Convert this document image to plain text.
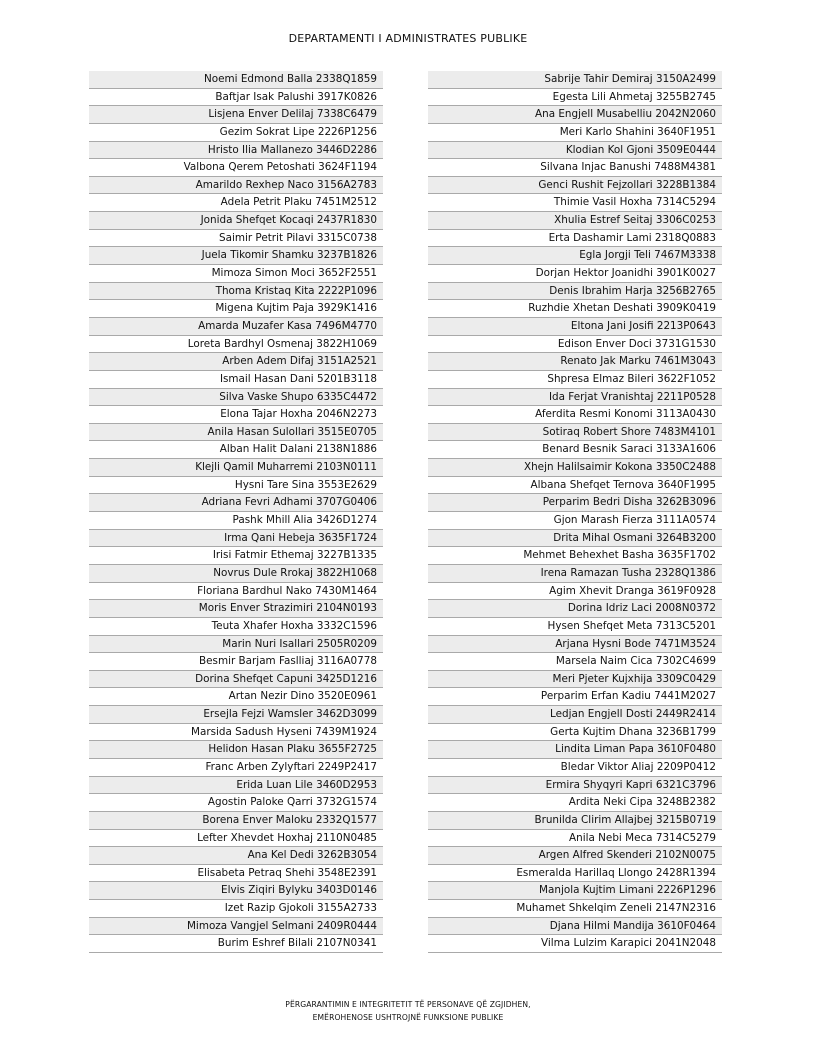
DEPARTAMENTI I ADMINISTRATES PUBLIKE
Noemi Edmond Balla 2338Q1859
Baftjar Isak Palushi 3917K0826
Lisjena Enver Delilaj 7338C6479
Gezim Sokrat Lipe 2226P1256
Hristo Ilia Mallanezo 3446D2286
Valbona Qerem Petoshati 3624F1194
Amarildo Rexhep Naco 3156A2783
Adela Petrit Plaku 7451M2512
Jonida Shefqet Kocaqi 2437R1830
Saimir Petrit Pilavi 3315C0738
Juela Tikomir Shamku 3237B1826
Mimoza Simon Moci 3652F2551
Thoma Kristaq Kita 2222P1096
Migena Kujtim Paja 3929K1416
Amarda Muzafer Kasa 7496M4770
Loreta Bardhyl Osmenaj 3822H1069
Arben Adem Difaj 3151A2521
Ismail Hasan Dani 5201B3118
Silva Vaske Shupo 6335C4472
Elona Tajar Hoxha 2046N2273
Anila Hasan Sulollari 3515E0705
Alban Halit Dalani 2138N1886
Klejli Qamil Muharremi 2103N0111
Hysni Tare Sina 3553E2629
Adriana Fevri Adhami 3707G0406
Pashk Mhill Alia 3426D1274
Irma Qani Hebeja 3635F1724
Irisi Fatmir Ethemaj 3227B1335
Novrus Dule Rrokaj 3822H1068
Floriana Bardhul Nako 7430M1464
Moris Enver Strazimiri 2104N0193
Teuta Xhafer Hoxha 3332C1596
Marin Nuri Isallari 2505R0209
Besmir Barjam Faslliaj 3116A0778
Dorina Shefqet Capuni 3425D1216
Artan Nezir Dino 3520E0961
Ersejla Fejzi Wamsler 3462D3099
Marsida Sadush Hyseni 7439M1924
Helidon Hasan Plaku 3655F2725
Franc Arben Zylyftari 2249P2417
Erida Luan Lile 3460D2953
Agostin Paloke Qarri 3732G1574
Borena Enver Maloku 2332Q1577
Lefter Xhevdet Hoxhaj 2110N0485
Ana Kel Dedi 3262B3054
Elisabeta Petraq Shehi 3548E2391
Elvis Ziqiri Bylyku 3403D0146
Izet Razip Gjokoli 3155A2733
Mimoza Vangjel Selmani 2409R0444
Burim Eshref Bilali 2107N0341
Sabrije Tahir Demiraj 3150A2499
Egesta Lili Ahmetaj 3255B2745
Ana Engjell Musabelliu 2042N2060
Meri Karlo Shahini 3640F1951
Klodian Kol Gjoni 3509E0444
Silvana Injac Banushi 7488M4381
Genci Rushit Fejzollari 3228B1384
Thimie Vasil Hoxha 7314C5294
Xhulia Estref Seitaj 3306C0253
Erta Dashamir Lami 2318Q0883
Egla Jorgji Teli 7467M3338
Dorjan Hektor Joanidhi 3901K0027
Denis Ibrahim Harja 3256B2765
Ruzhdie Xhetan Deshati 3909K0419
Eltona Jani Josifi 2213P0643
Edison Enver Doci 3731G1530
Renato Jak Marku 7461M3043
Shpresa Elmaz Bileri 3622F1052
Ida Ferjat Vranishtaj 2211P0528
Aferdita Resmi Konomi 3113A0430
Sotiraq Robert Shore 7483M4101
Benard Besnik Saraci 3133A1606
Xhejn Halilsaimir Kokona 3350C2488
Albana Shefqet Ternova 3640F1995
Perparim Bedri Disha 3262B3096
Gjon Marash Fierza 3111A0574
Drita Mihal Osmani 3264B3200
Mehmet Behexhet Basha 3635F1702
Irena Ramazan Tusha 2328Q1386
Agim Xhevit Dranga 3619F0928
Dorina Idriz Laci 2008N0372
Hysen Shefqet Meta 7313C5201
Arjana Hysni Bode 7471M3524
Marsela Naim Cica 7302C4699
Meri Pjeter Kujxhija 3309C0429
Perparim Erfan Kadiu 7441M2027
Ledjan Engjell Dosti 2449R2414
Gerta Kujtim Dhana 3236B1799
Lindita Liman Papa 3610F0480
Bledar Viktor Aliaj 2209P0412
Ermira Shyqyri Kapri 6321C3796
Ardita Neki Cipa 3248B2382
Brunilda Clirim Allajbej 3215B0719
Anila Nebi Meca 7314C5279
Argen Alfred Skenderi 2102N0075
Esmeralda Harillaq Llongo 2428R1394
Manjola Kujtim Limani 2226P1296
Muhamet Shkelqim Zeneli 2147N2316
Djana Hilmi Mandija 3610F0464
Vilma Lulzim Karapici 2041N2048
PËRGARANTIMIN E INTEGRITETIT TË PERSONAVE QË ZGJIDHEN,
EMËROHENOSE USHTROJNË FUNKSIONE PUBLIKE
